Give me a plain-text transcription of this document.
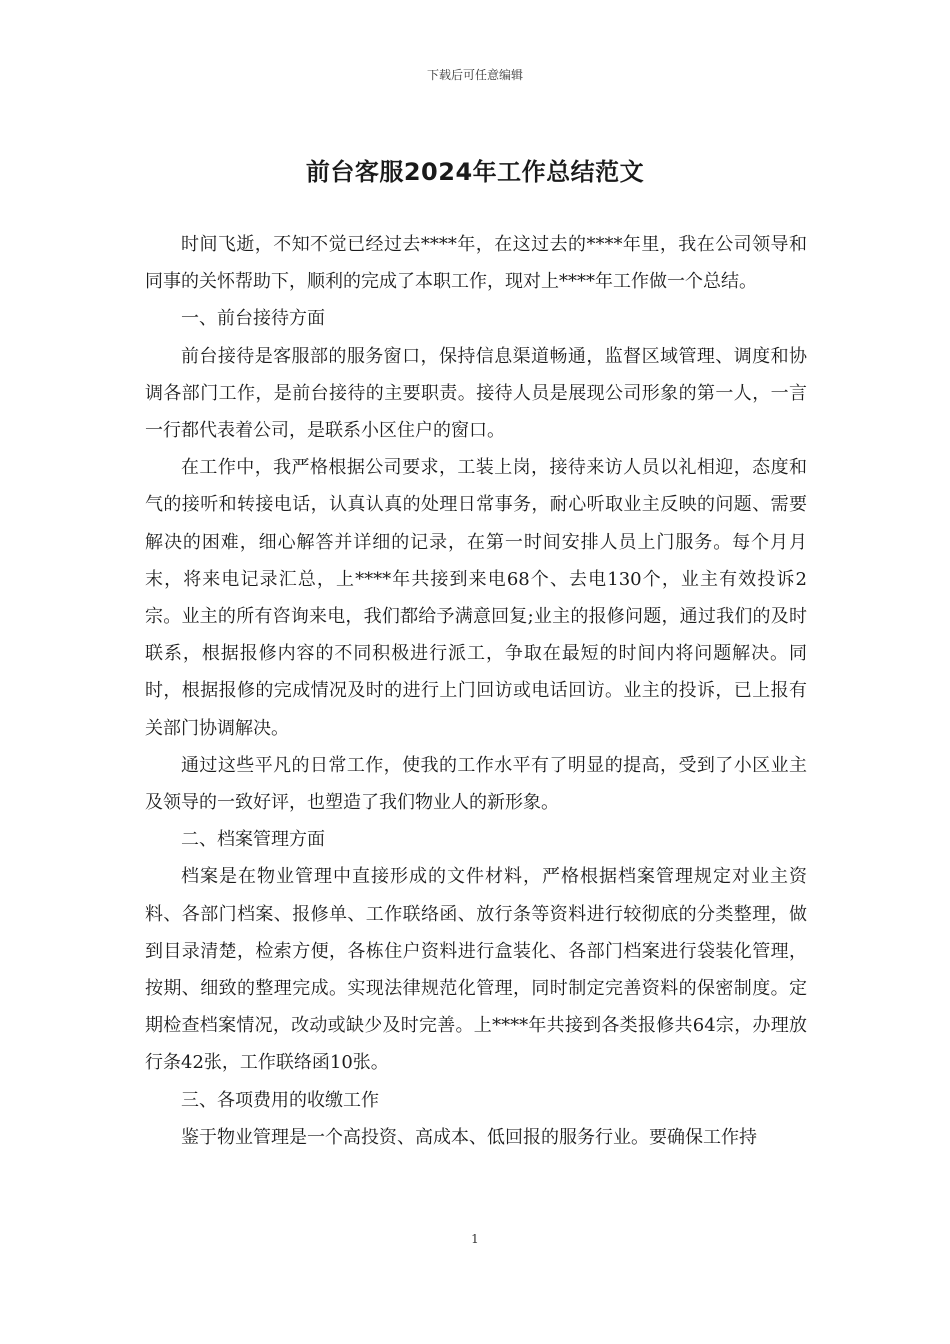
下载后可任意编辑
前台客服2024年工作总结范文

时间飞逝，不知不觉已经过去****年，在这过去的****年里，我在公司领导和同事的关怀帮助下，顺利的完成了本职工作，现对上****年工作做一个总结。

一、前台接待方面

前台接待是客服部的服务窗口，保持信息渠道畅通，监督区域管理、调度和协调各部门工作，是前台接待的主要职责。接待人员是展现公司形象的第一人，一言一行都代表着公司，是联系小区住户的窗口。

在工作中，我严格根据公司要求，工装上岗，接待来访人员以礼相迎，态度和气的接听和转接电话，认真认真的处理日常事务，耐心听取业主反映的问题、需要解决的困难，细心解答并详细的记录，在第一时间安排人员上门服务。每个月月末，将来电记录汇总，上****年共接到来电68个、去电130个，业主有效投诉2宗。业主的所有咨询来电，我们都给予满意回复;业主的报修问题，通过我们的及时联系，根据报修内容的不同积极进行派工，争取在最短的时间内将问题解决。同时，根据报修的完成情况及时的进行上门回访或电话回访。业主的投诉，已上报有关部门协调解决。

通过这些平凡的日常工作，使我的工作水平有了明显的提高，受到了小区业主及领导的一致好评，也塑造了我们物业人的新形象。

二、档案管理方面

档案是在物业管理中直接形成的文件材料，严格根据档案管理规定对业主资料、各部门档案、报修单、工作联络函、放行条等资料进行较彻底的分类整理，做到目录清楚，检索方便，各栋住户资料进行盒装化、各部门档案进行袋装化管理，按期、细致的整理完成。实现法律规范化管理，同时制定完善资料的保密制度。定期检查档案情况，改动或缺少及时完善。上****年共接到各类报修共64宗，办理放行条42张，工作联络函10张。

三、各项费用的收缴工作

鉴于物业管理是一个高投资、高成本、低回报的服务行业。要确保工作持

1
